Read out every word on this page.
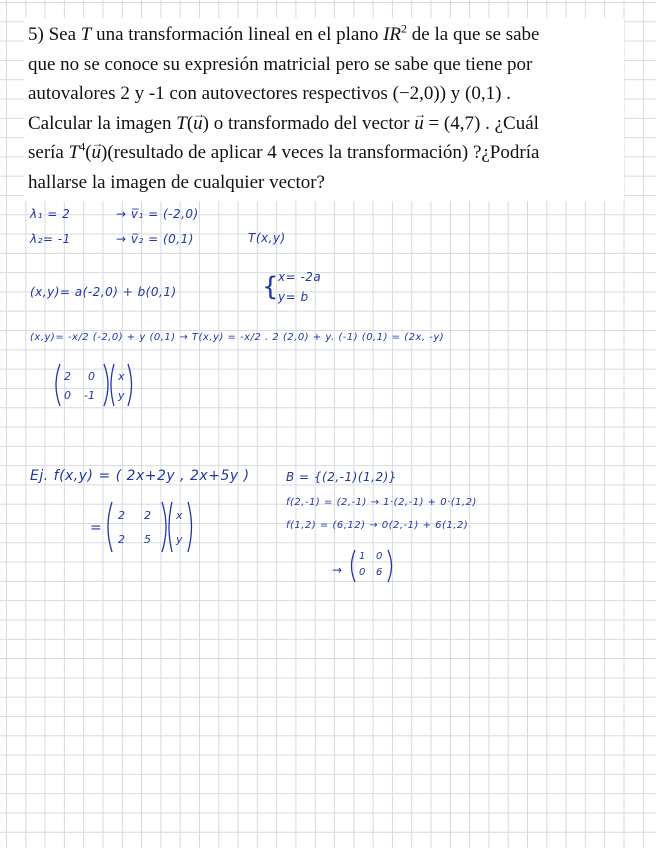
5) Sea T una transformación lineal en el plano $IR^2$ de la que se sabe
que no se conoce su expresión matricial pero se sabe que tiene por
autovalores 2 y -1 con autovectores respectivos (−2,0)) y (0,1) .
Calcular la imagen T(→ u) o transformado del vector → u = (4,7) . ¿Cuál
sería $T^4(\to$ u)(resultado de aplicar 4 veces la transformación) ?¿Podría
hallarse la imagen de cualquier vector?
λ₁ = 2	→ v̅₁ = (-2,0)
λ₂= -1	→ v̅₂ = (0,1)	T(x,y)
(x,y)= a(-2,0) + b(0,1)	{
x= -2a
y= b
(x,y)= -x/2 (-2,0) + y (0,1) → T(x,y) = -x/2 . 2 (2,0) + y. (-1) (0,1) = (2x, -y)
2 0
0 -1
x
y
Ej. f(x,y) = ( 2x+2y , 2x+5y )
=
2 2
2 5
x
y
B = {(2,-1)(1,2)}
f(2,-1) = (2,-1) → 1·(2,-1) + 0·(1,2)
f(1,2) = (6,12) → 0(2,-1) + 6(1,2)
→
1 0
0 6
